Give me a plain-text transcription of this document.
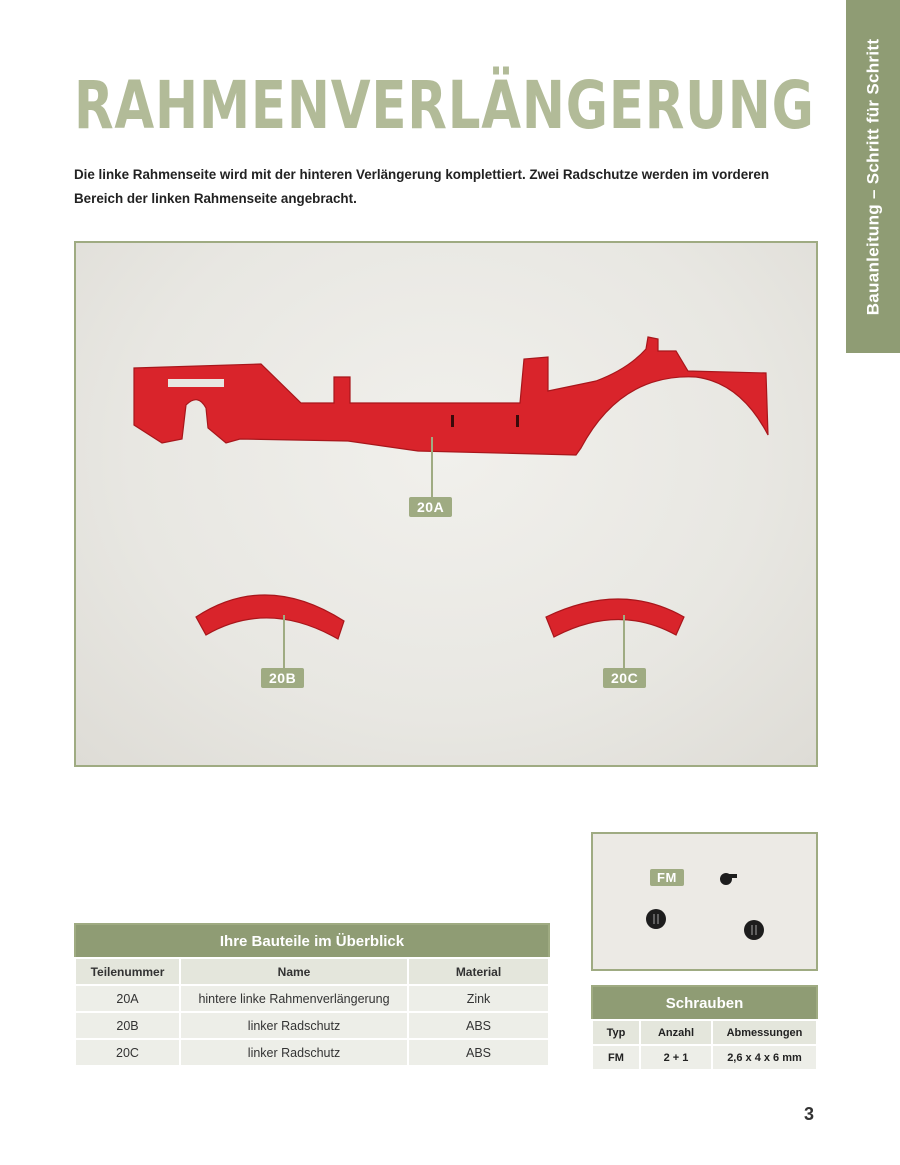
Bauanleitung – Schritt für Schritt
RAHMENVERLÄNGERUNG

Die linke Rahmenseite wird mit der hinteren Verlängerung komplettiert. Zwei Radschutze werden im vorderen Bereich der linken Rahmenseite angebracht.

20A
20B	20C
FM
Ihre Bauteile im Überblick
Teilenummer	Name	Material
20A	hintere linke Rahmenverlängerung	Zink
20B	linker Radschutz	ABS
20C	linker Radschutz	ABS
Schrauben
Typ	Anzahl	Abmessungen
FM	2 + 1	2,6 x 4 x 6 mm
3
